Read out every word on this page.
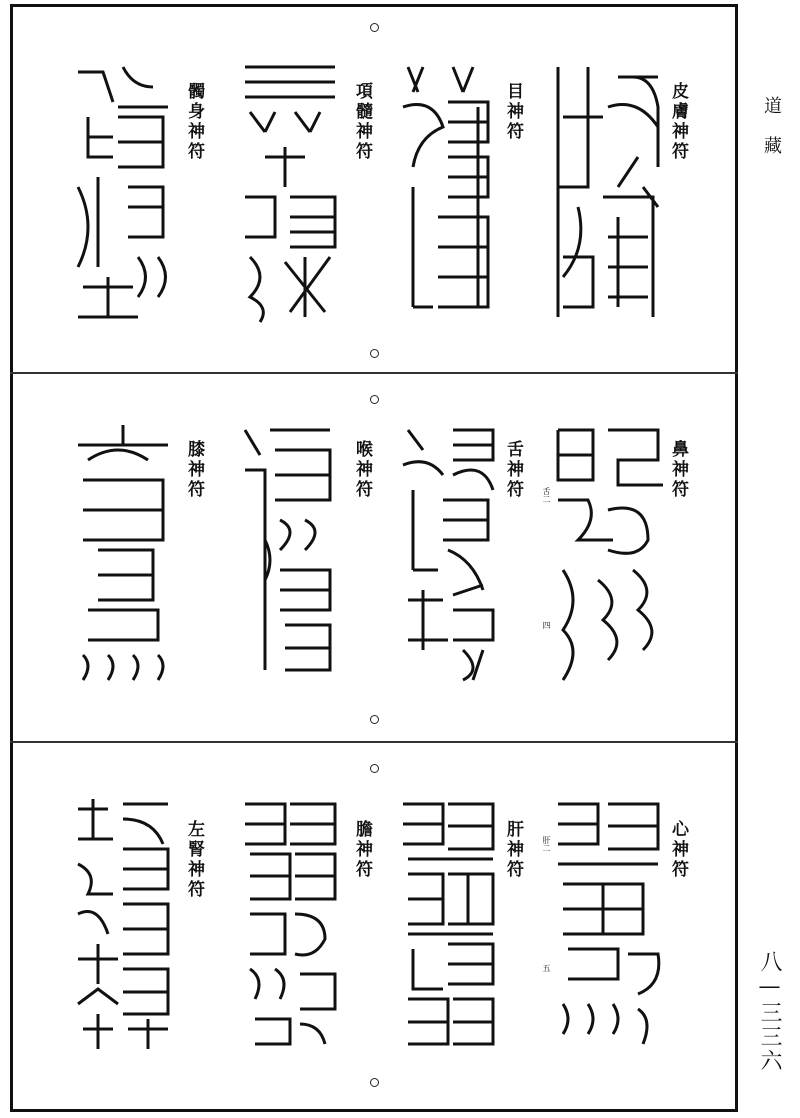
道藏
八—三三六
皮膚神符
目神符
項髓神符
髑身神符
鼻神符
舌神符
喉神符
膝神符	舌二
四
心神符
肝神符
膽神符
左腎神符	肝二
五
